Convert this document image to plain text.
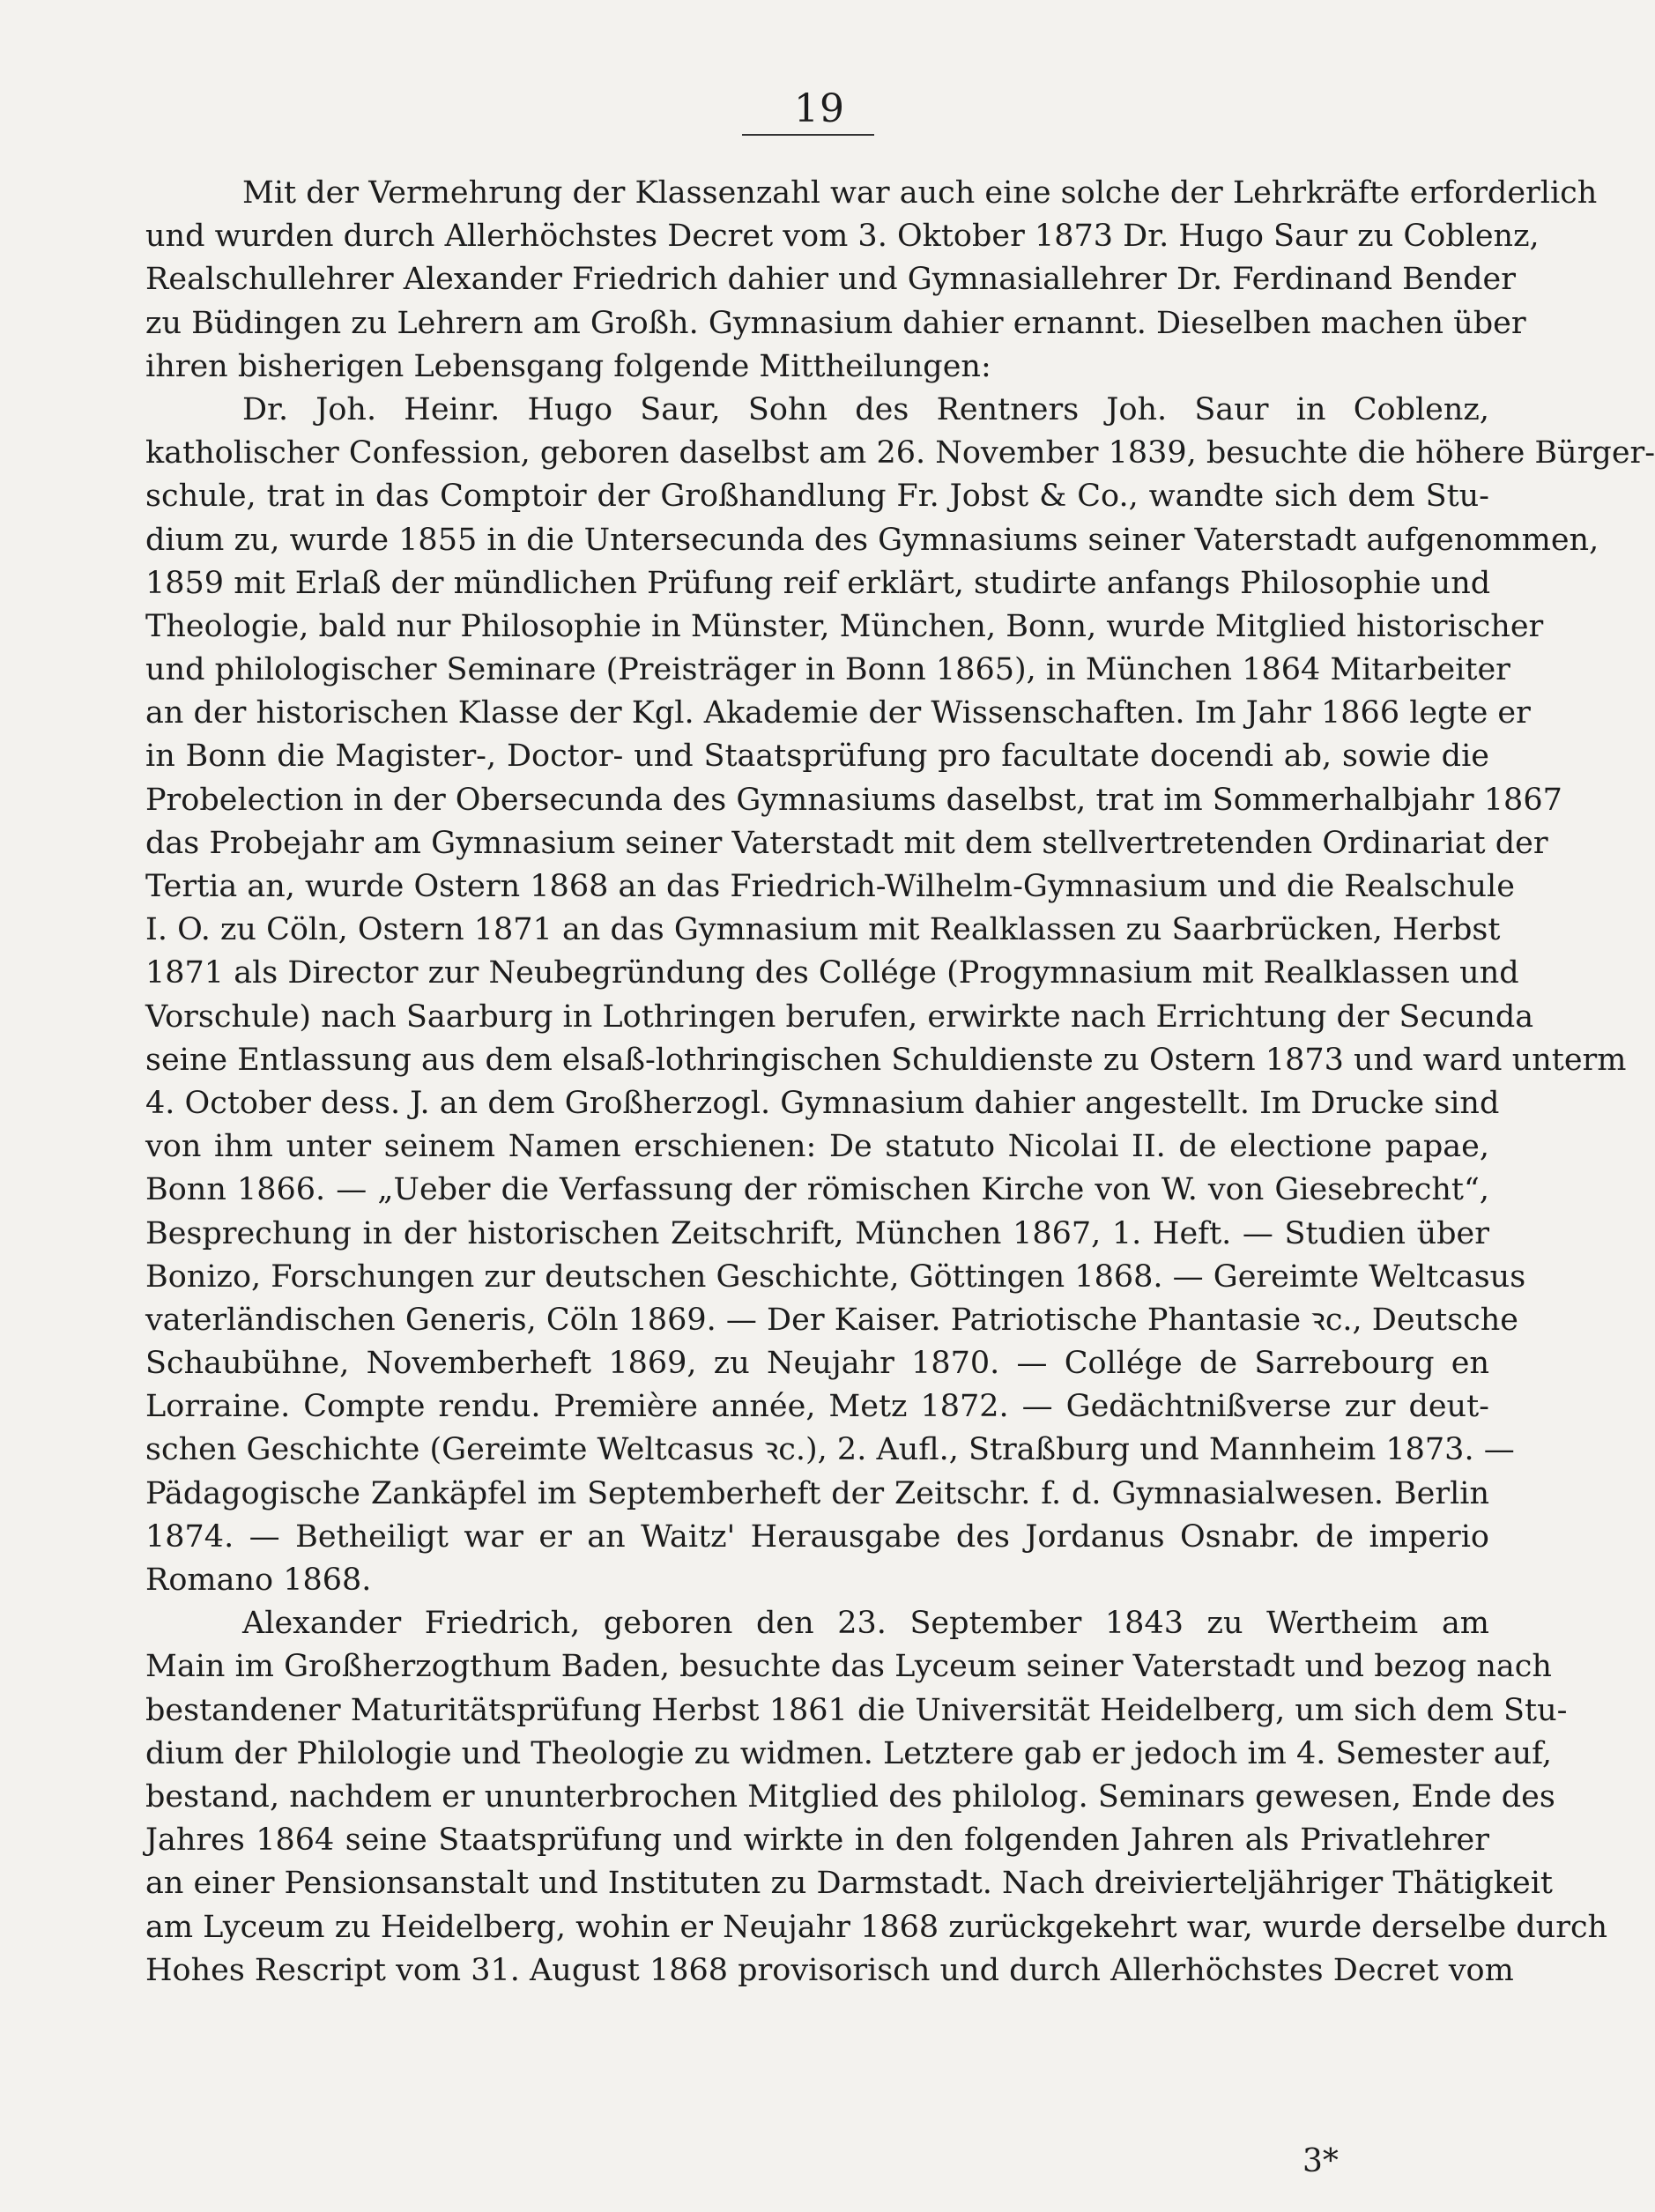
19
Mit der Vermehrung der Klassenzahl war auch eine solche der Lehrkräfte erforderlich
und wurden durch Allerhöchstes Decret vom 3. Oktober 1873 Dr. Hugo Saur zu Coblenz,
Realschullehrer Alexander Friedrich dahier und Gymnasiallehrer Dr. Ferdinand Bender
zu Büdingen zu Lehrern am Großh. Gymnasium dahier ernannt. Dieselben machen über
ihren bisherigen Lebensgang folgende Mittheilungen:
Dr. Joh. Heinr. Hugo Saur, Sohn des Rentners Joh. Saur in Coblenz,
katholischer Confession, geboren daselbst am 26. November 1839, besuchte die höhere Bürger-
schule, trat in das Comptoir der Großhandlung Fr. Jobst & Co., wandte sich dem Stu-
dium zu, wurde 1855 in die Untersecunda des Gymnasiums seiner Vaterstadt aufgenommen,
1859 mit Erlaß der mündlichen Prüfung reif erklärt, studirte anfangs Philosophie und
Theologie, bald nur Philosophie in Münster, München, Bonn, wurde Mitglied historischer
und philologischer Seminare (Preisträger in Bonn 1865), in München 1864 Mitarbeiter
an der historischen Klasse der Kgl. Akademie der Wissenschaften. Im Jahr 1866 legte er
in Bonn die Magister-, Doctor- und Staatsprüfung pro facultate docendi ab, sowie die
Probelection in der Obersecunda des Gymnasiums daselbst, trat im Sommerhalbjahr 1867
das Probejahr am Gymnasium seiner Vaterstadt mit dem stellvertretenden Ordinariat der
Tertia an, wurde Ostern 1868 an das Friedrich-Wilhelm-Gymnasium und die Realschule
I. O. zu Cöln, Ostern 1871 an das Gymnasium mit Realklassen zu Saarbrücken, Herbst
1871 als Director zur Neubegründung des Collége (Progymnasium mit Realklassen und
Vorschule) nach Saarburg in Lothringen berufen, erwirkte nach Errichtung der Secunda
seine Entlassung aus dem elsaß-lothringischen Schuldienste zu Ostern 1873 und ward unterm
4. October dess. J. an dem Großherzogl. Gymnasium dahier angestellt. Im Drucke sind
von ihm unter seinem Namen erschienen: De statuto Nicolai II. de electione papae,
Bonn 1866. — „Ueber die Verfassung der römischen Kirche von W. von Giesebrecht“,
Besprechung in der historischen Zeitschrift, München 1867, 1. Heft. — Studien über
Bonizo, Forschungen zur deutschen Geschichte, Göttingen 1868. — Gereimte Weltcasus
vaterländischen Generis, Cöln 1869. — Der Kaiser. Patriotische Phantasie ꝛc., Deutsche
Schaubühne, Novemberheft 1869, zu Neujahr 1870. — Collége de Sarrebourg en
Lorraine. Compte rendu. Première année, Metz 1872. — Gedächtnißverse zur deut-
schen Geschichte (Gereimte Weltcasus ꝛc.), 2. Aufl., Straßburg und Mannheim 1873. —
Pädagogische Zankäpfel im Septemberheft der Zeitschr. f. d. Gymnasialwesen. Berlin
1874. — Betheiligt war er an Waitz' Herausgabe des Jordanus Osnabr. de imperio
Romano 1868.
Alexander Friedrich, geboren den 23. September 1843 zu Wertheim am
Main im Großherzogthum Baden, besuchte das Lyceum seiner Vaterstadt und bezog nach
bestandener Maturitätsprüfung Herbst 1861 die Universität Heidelberg, um sich dem Stu-
dium der Philologie und Theologie zu widmen. Letztere gab er jedoch im 4. Semester auf,
bestand, nachdem er ununterbrochen Mitglied des philolog. Seminars gewesen, Ende des
Jahres 1864 seine Staatsprüfung und wirkte in den folgenden Jahren als Privatlehrer
an einer Pensionsanstalt und Instituten zu Darmstadt. Nach dreivierteljähriger Thätigkeit
am Lyceum zu Heidelberg, wohin er Neujahr 1868 zurückgekehrt war, wurde derselbe durch
Hohes Rescript vom 31. August 1868 provisorisch und durch Allerhöchstes Decret vom
3*
